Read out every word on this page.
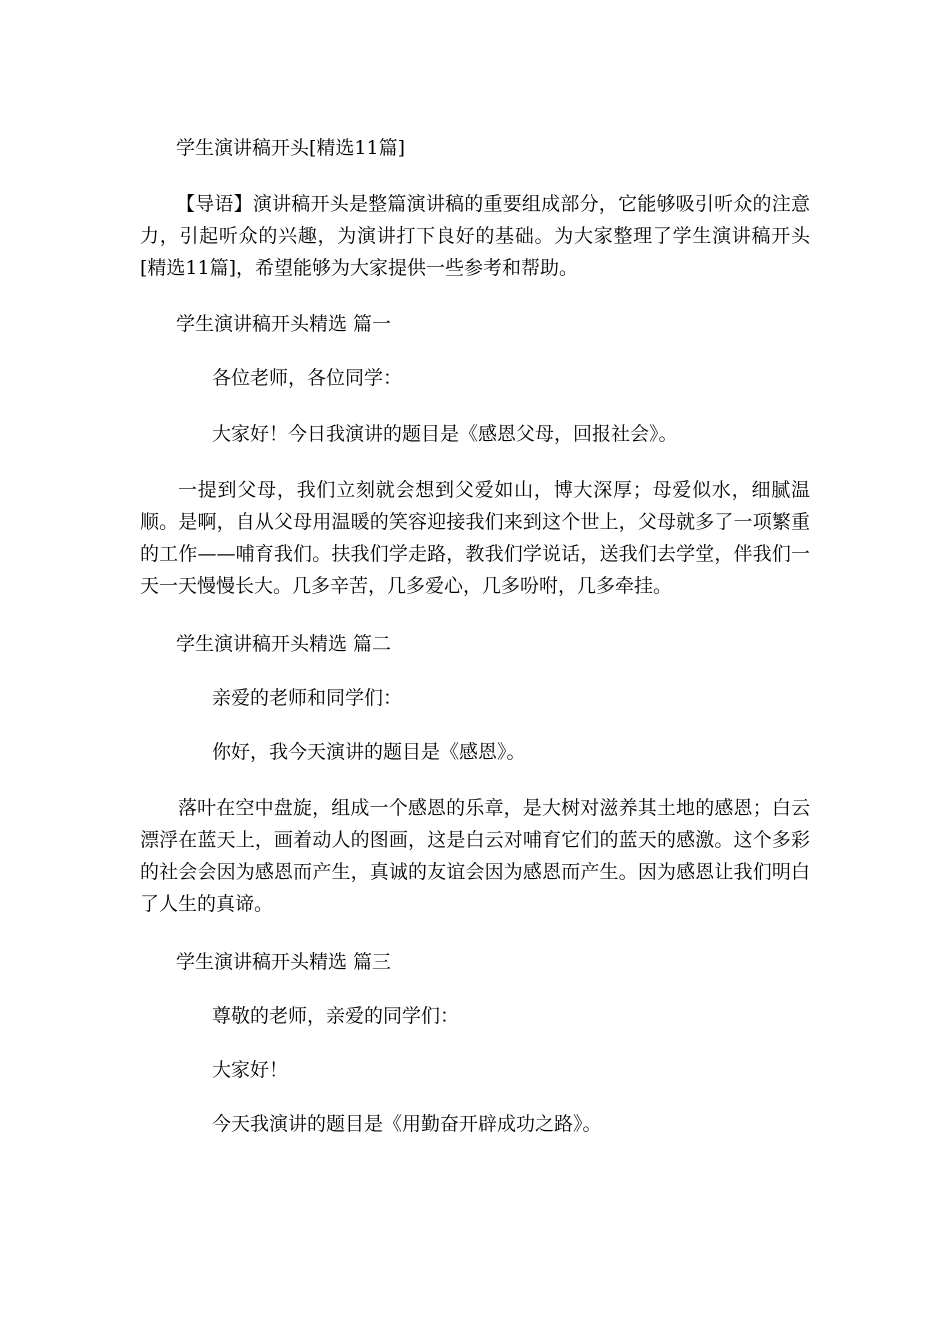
学生演讲稿开头[精选11篇]

【导语】演讲稿开头是整篇演讲稿的重要组成部分，它能够吸引听众的注意力，引起听众的兴趣，为演讲打下良好的基础。为大家整理了学生演讲稿开头[精选11篇]，希望能够为大家提供一些参考和帮助。

学生演讲稿开头精选 篇一

各位老师，各位同学：

大家好！今日我演讲的题目是《感恩父母，回报社会》。

一提到父母，我们立刻就会想到父爱如山，博大深厚；母爱似水，细腻温顺。是啊，自从父母用温暖的笑容迎接我们来到这个世上，父母就多了一项繁重的工作——哺育我们。扶我们学走路，教我们学说话，送我们去学堂，伴我们一天一天慢慢长大。几多辛苦，几多爱心，几多吩咐，几多牵挂。

学生演讲稿开头精选 篇二

亲爱的老师和同学们：

你好，我今天演讲的题目是《感恩》。

落叶在空中盘旋，组成一个感恩的乐章，是大树对滋养其土地的感恩；白云漂浮在蓝天上，画着动人的图画，这是白云对哺育它们的蓝天的感激。这个多彩的社会会因为感恩而产生，真诚的友谊会因为感恩而产生。因为感恩让我们明白了人生的真谛。

学生演讲稿开头精选 篇三

尊敬的老师，亲爱的同学们：

大家好！

今天我演讲的题目是《用勤奋开辟成功之路》。
